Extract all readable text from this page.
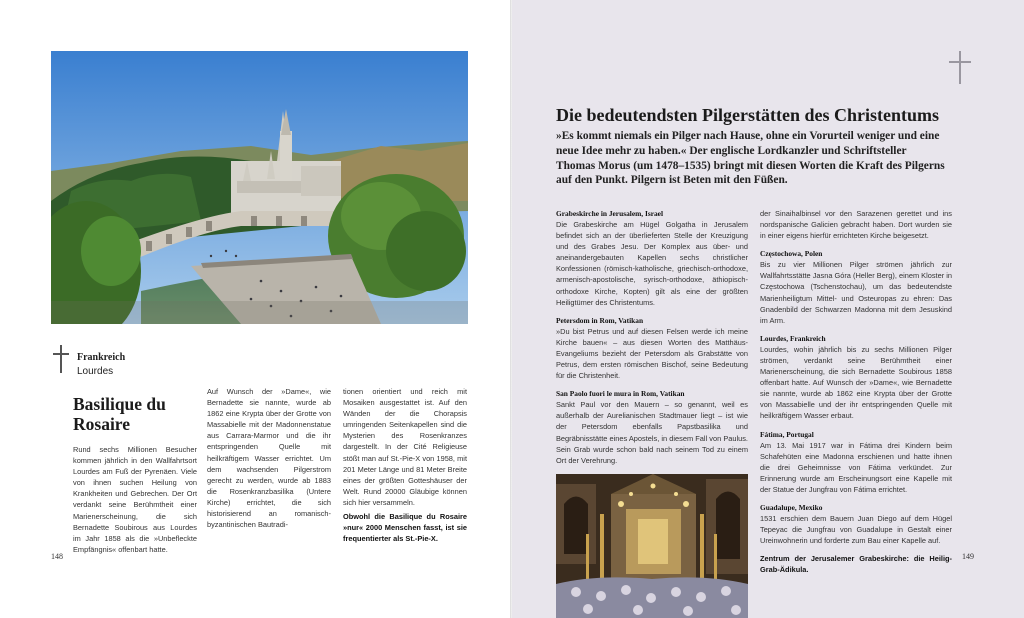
Frankreich
Lourdes
Basilique du
Rosaire

Rund sechs Millionen Besucher kommen jährlich in den Wallfahrtsort Lourdes am Fuß der Pyrenäen. Viele von ihnen suchen Heilung von Krankheiten und Gebrechen. Der Ort verdankt seine Berühmtheit einer Marienerscheinung, die sich Bernadette Soubirous aus Lourdes im Jahr 1858 als die »Unbefleckte Empfängnis« offenbart hatte.

Auf Wunsch der »Dame«, wie Bernadette sie nannte, wurde ab 1862 eine Krypta über der Grotte von Massabielle mit der Madonnenstatue aus Carrara-Marmor und die ihr entspringenden Quelle mit heilkräftigem Wasser errichtet. Um dem wachsenden Pilgerstrom gerecht zu werden, wurde ab 1883 die Rosenkranzbasilika (Untere Kirche) errichtet, die sich historisierend an romanisch-byzantinischen Bautradi-

tionen orientiert und reich mit Mosaiken ausgestattet ist. Auf den Wänden der die Chorapsis umringenden Seitenkapellen sind die Mysterien des Rosenkranzes dargestellt. In der Cité Religieuse stößt man auf St.-Pie-X von 1958, mit 201 Meter Länge und 81 Meter Breite eines der größten Gotteshäuser der Welt. Rund 20000 Gläubige können sich hier versammeln.

Obwohl die Basilique du Rosaire »nur« 2000 Menschen fasst, ist sie frequentierter als St.-Pie-X.

148	149
Die bedeutendsten Pilgerstätten des Christentums
»Es kommt niemals ein Pilger nach Hause, ohne ein Vorurteil weniger und eine neue Idee mehr zu haben.« Der englische Lordkanzler und Schriftsteller Thomas Morus (um 1478–1535) bringt mit diesen Worten die Kraft des Pilgerns auf den Punkt. Pilgern ist Beten mit den Füßen.
Grabeskirche in Jerusalem, Israel

Die Grabeskirche am Hügel Golgatha in Jerusalem befindet sich an der überlieferten Stelle der Kreuzigung und des Grabes Jesu. Der Komplex aus über- und aneinandergebauten Kapellen sechs christlicher Konfessionen (römisch-katholische, griechisch-orthodoxe, armenisch-apostolische, syrisch-orthodoxe, äthiopisch-orthodoxe Kirche, Kopten) gilt als eine der größten Heiligtümer des Christentums.

Petersdom in Rom, Vatikan

»Du bist Petrus und auf diesen Felsen werde ich meine Kirche bauen« – aus diesen Worten des Matthäus-Evangeliums bezieht der Petersdom als Grabstätte von Petrus, dem ersten römischen Bischof, seine Bedeutung für die Christenheit.

San Paolo fuori le mura in Rom, Vatikan

Sankt Paul vor den Mauern – so genannt, weil es außerhalb der Aurelianischen Stadtmauer liegt – ist wie der Petersdom ebenfalls Papstbasilika und Begräbnisstätte eines Apostels, in diesem Fall von Paulus. Sein Grab wurde schon bald nach seinem Tod zu einem Ort der Verehrung.

der Sinaihalbinsel vor den Sarazenen gerettet und ins nordspanische Galicien gebracht haben. Dort wurden sie in einer eigens hierfür errichteten Kirche beigesetzt.

Częstochowa, Polen

Bis zu vier Millionen Pilger strömen jährlich zur Wallfahrtsstätte Jasna Góra (Heller Berg), einem Kloster in Częstochowa (Tschenstochau), um das bedeutendste Marienheiligtum Mittel- und Osteuropas zu ehren: Das Gnadenbild der Schwarzen Madonna mit dem Jesuskind im Arm.

Lourdes, Frankreich

Lourdes, wohin jährlich bis zu sechs Millionen Pilger strömen, verdankt seine Berühmtheit einer Marienerscheinung, die sich Bernadette Soubirous 1858 offenbart hatte. Auf Wunsch der »Dame«, wie Bernadette sie nannte, wurde ab 1862 eine Krypta über der Grotte von Massabielle und der ihr entspringenden Quelle mit heilkräftigem Wasser erbaut.

Fátima, Portugal

Am 13. Mai 1917 war in Fátima drei Kindern beim Schafehüten eine Madonna erschienen und hatte ihnen die drei Geheimnisse von Fátima verkündet. Zur Erinnerung wurde am Erscheinungsort eine Kapelle mit der Statue der Jungfrau von Fátima errichtet.

Guadalupe, Mexiko

1531 erschien dem Bauern Juan Diego auf dem Hügel Tepeyac die Jungfrau von Guadalupe in Gestalt einer Ureinwohnerin und forderte zum Bau einer Kapelle auf.

Zentrum der Jerusalemer Grabeskirche: die Heilig-Grab-Ädikula.
